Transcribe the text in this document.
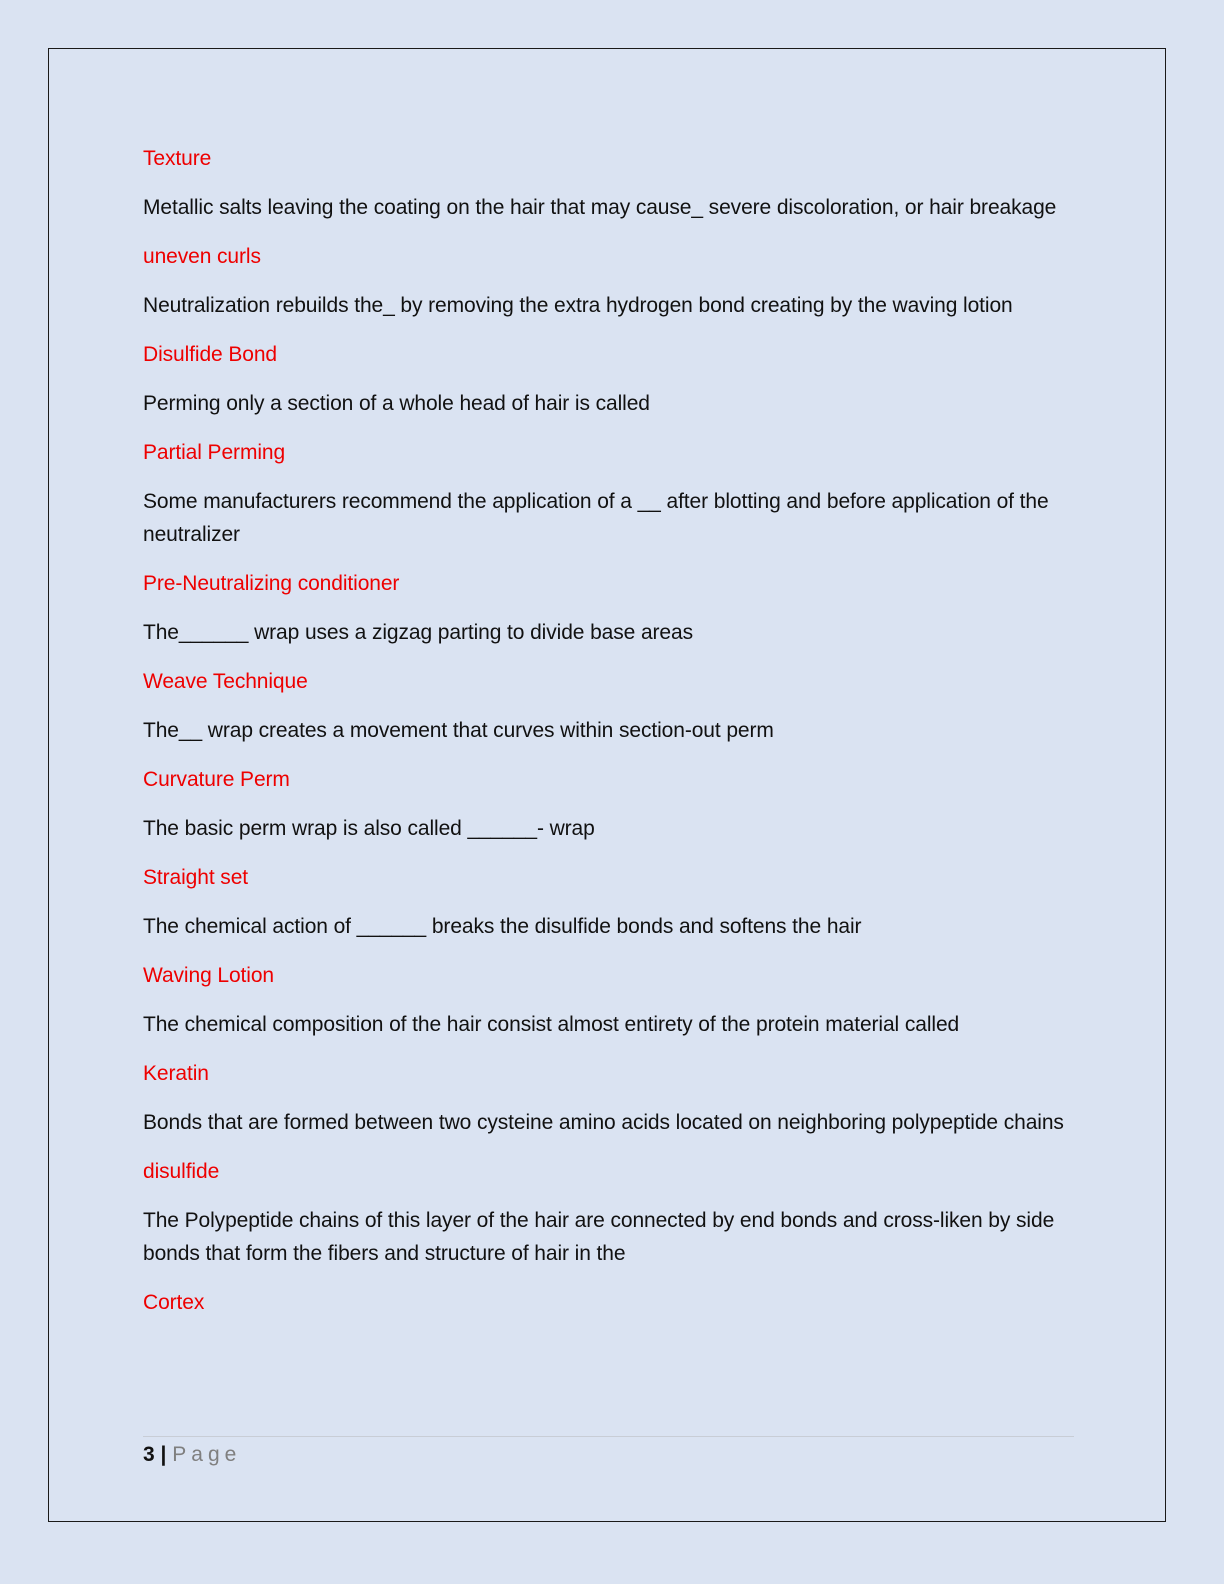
Texture

Metallic salts leaving the coating on the hair that may cause_ severe discoloration, or hair breakage

uneven curls

Neutralization rebuilds the_ by removing the extra hydrogen bond creating by the waving lotion

Disulfide Bond

Perming only a section of a whole head of hair is called

Partial Perming

Some manufacturers recommend the application of a __ after blotting and before application of the neutralizer

Pre-Neutralizing conditioner

The______ wrap uses a zigzag parting to divide base areas

Weave Technique

The__ wrap creates a movement that curves within section-out perm

Curvature Perm

The basic perm wrap is also called ______- wrap

Straight set

The chemical action of ______ breaks the disulfide bonds and softens the hair

Waving Lotion

The chemical composition of the hair consist almost entirety of the protein material called

Keratin

Bonds that are formed between two cysteine amino acids located on neighboring polypeptide chains

disulfide

The Polypeptide chains of this layer of the hair are connected by end bonds and cross-liken by side bonds that form the fibers and structure of hair in the

Cortex

3 | Page
